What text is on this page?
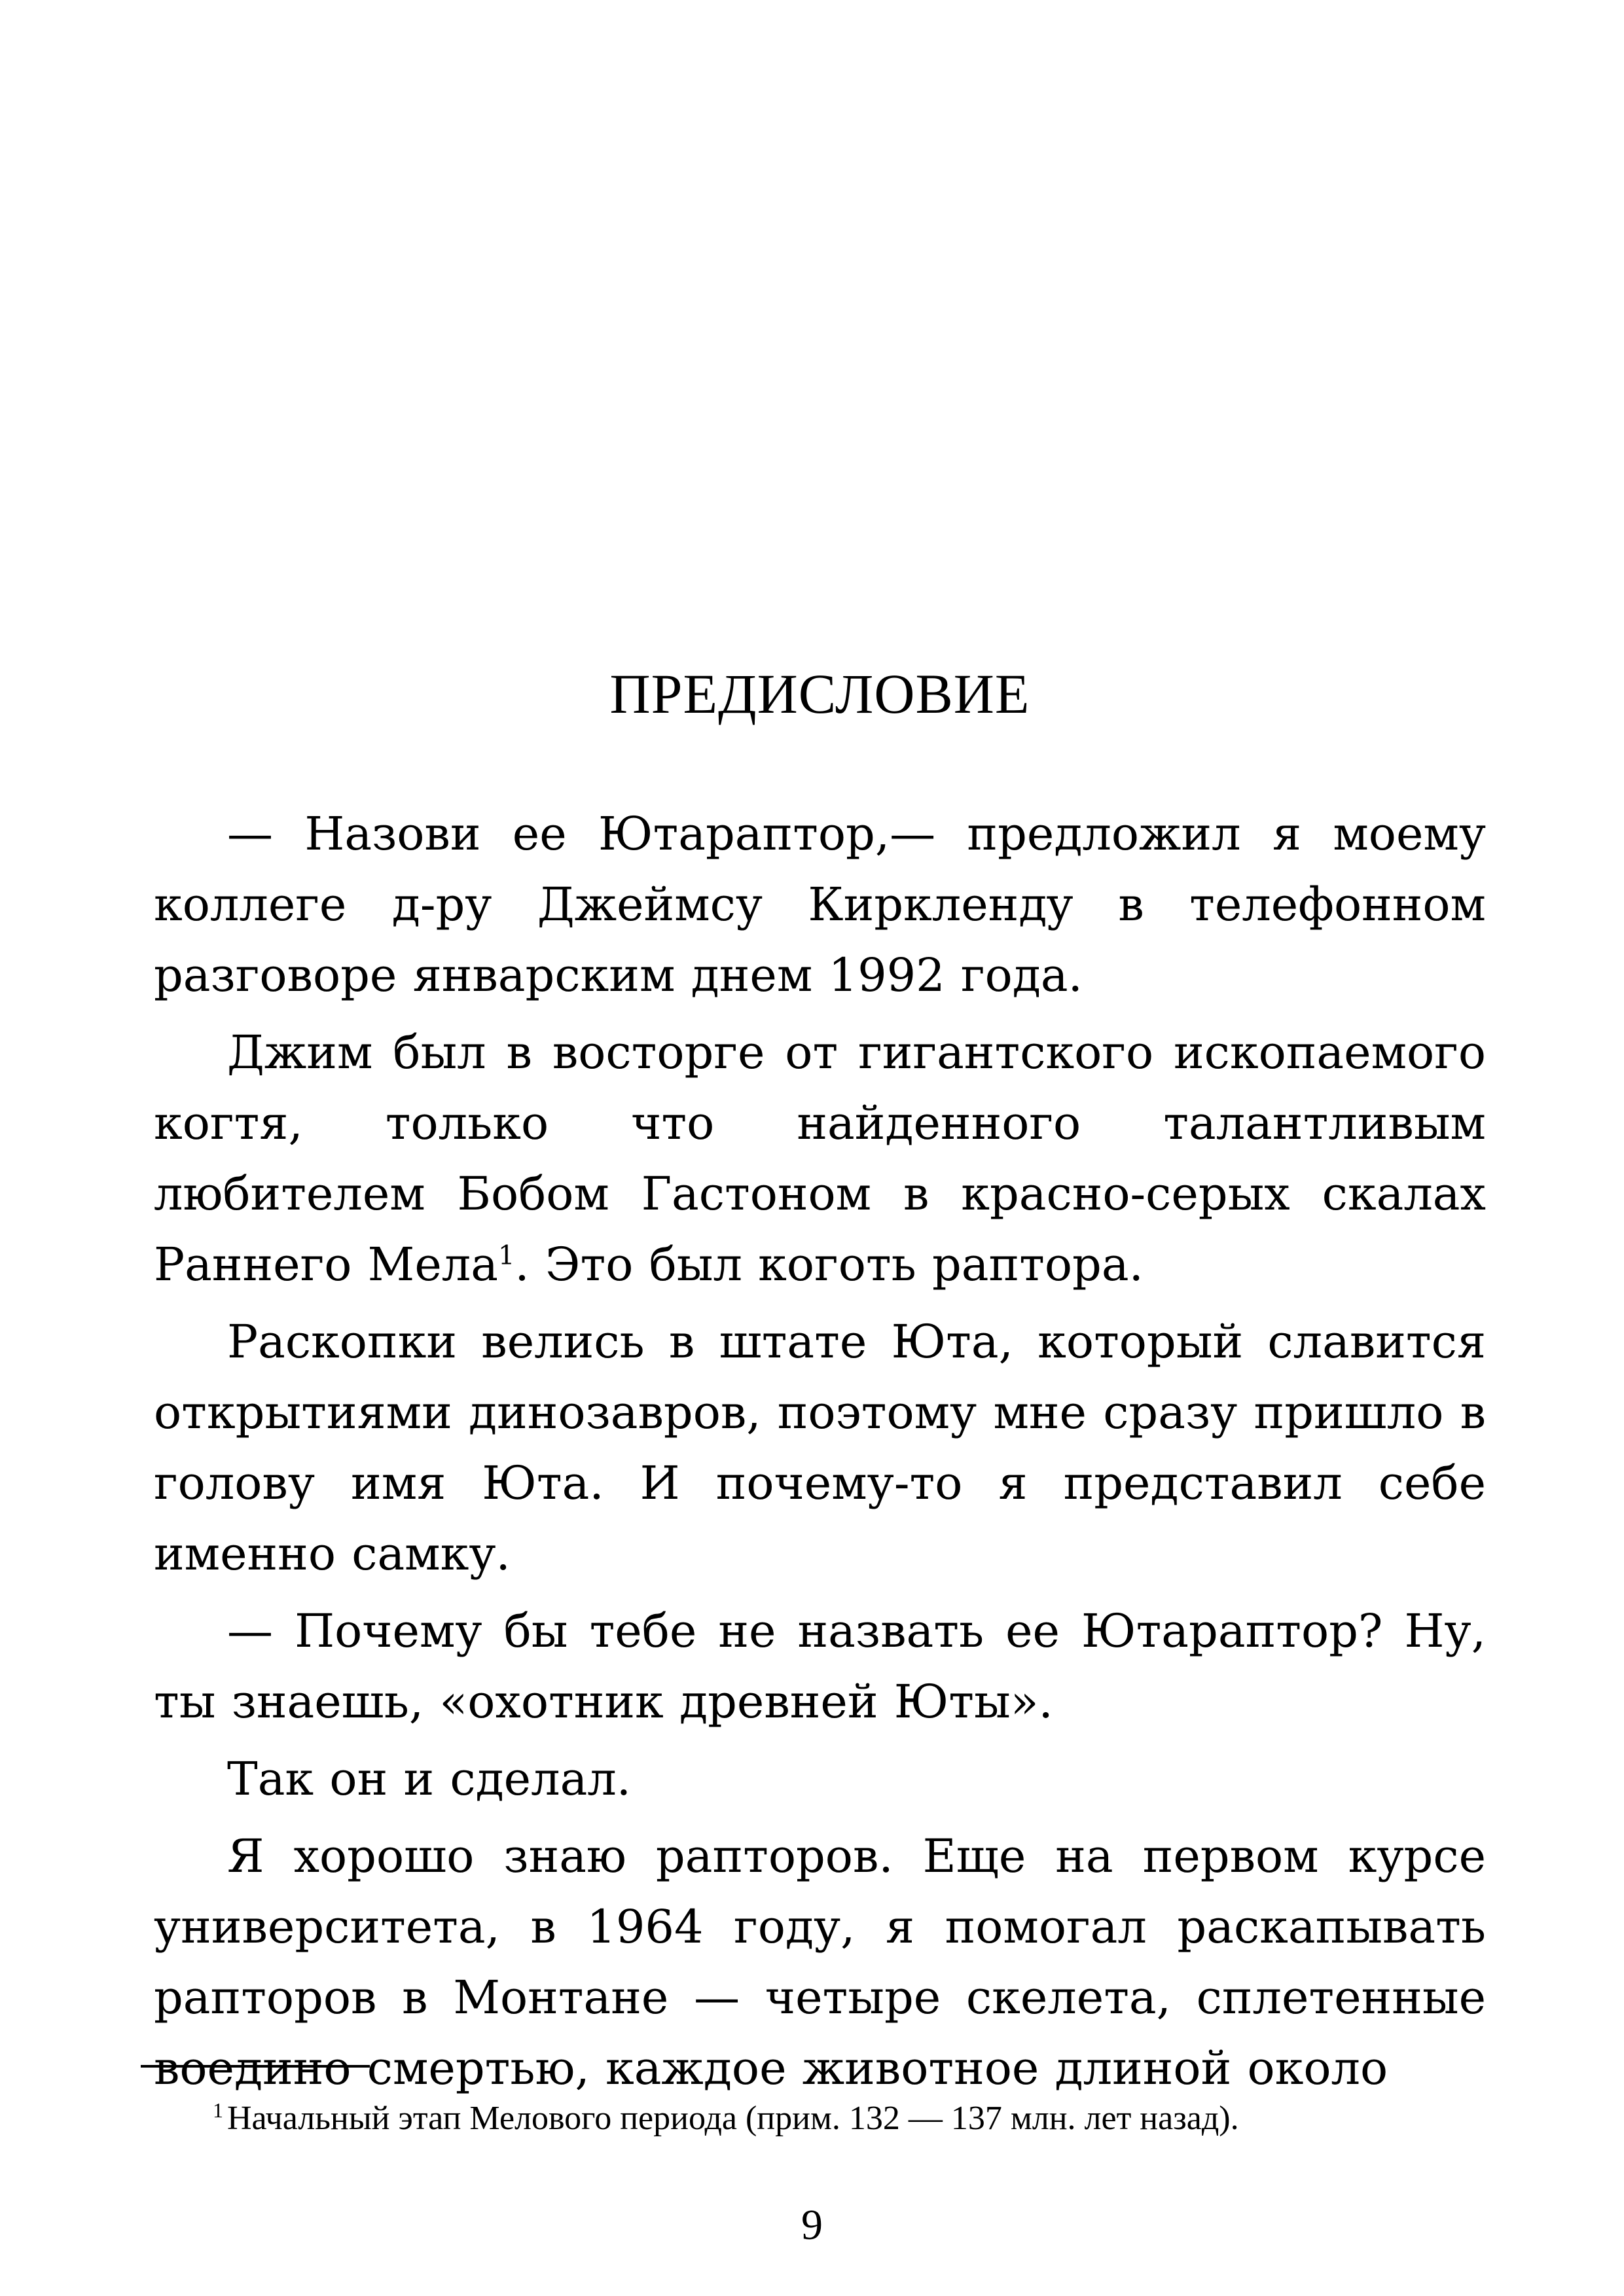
ПРЕДИСЛОВИЕ

— Назови ее Ютараптор,— предложил я моему коллеге д-ру Джеймсу Кирклендy в телефонном разговоре январским днем 1992 года.

Джим был в восторге от гигантского ископаемого когтя, только что найденного талантливым любителем Бобом Гастоном в красно-серых скалах Раннего Мела$^1$. Это был коготь раптора.

Раскопки велись в штате Юта, который славится открытиями динозавров, поэтому мне сразу пришло в голову имя Юта. И почему-то я представил себе именно самку.

— Почему бы тебе не назвать ее Ютараптор? Ну, ты знаешь, «охотник древней Юты».

Так он и сделал.

Я хорошо знаю рапторов. Еще на первом курсе университета, в 1964 году, я помогал раскапывать рапторов в Монтане — четыре скелета, сплетенные воедино смертью, каждое животное длиной около

$^1$ Начальный этап Мелового периода (прим. 132 — 137 млн. лет назад).

9
